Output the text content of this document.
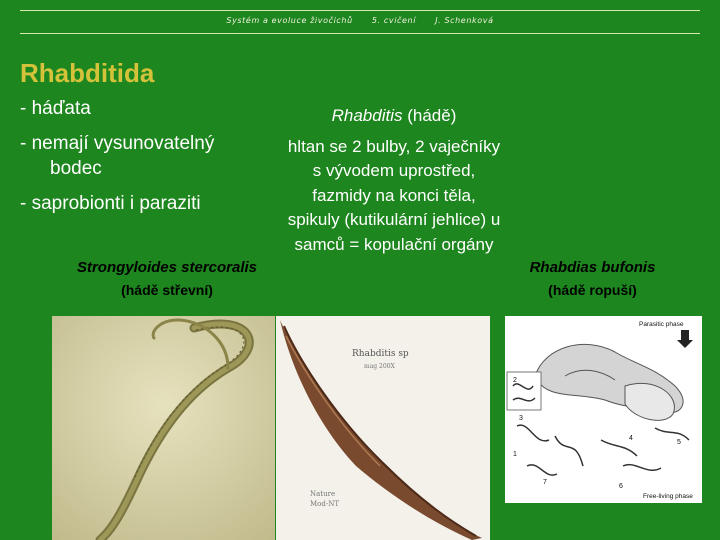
Systém a evoluce živočichů 5. cvičení J. Schenková
Rhabditida
- háďata
- nemají vysunovatelný
bodec
- saprobionti i paraziti
Strongyloides stercoralis
(hádě střevní)
Rhabditis (hádě)
hltan se 2 bulby, 2 vaječníky s vývodem uprostřed, fazmidy na konci těla, spikuly (kutikulární jehlice) u samců = kopulační orgány
Rhabdias bufonis
(hádě ropuší)
Rhabditis sp
mag 200X
Nature
Mod-NT
Parasitic phase
2
3
1
4
5
6
7
Free-living phase
